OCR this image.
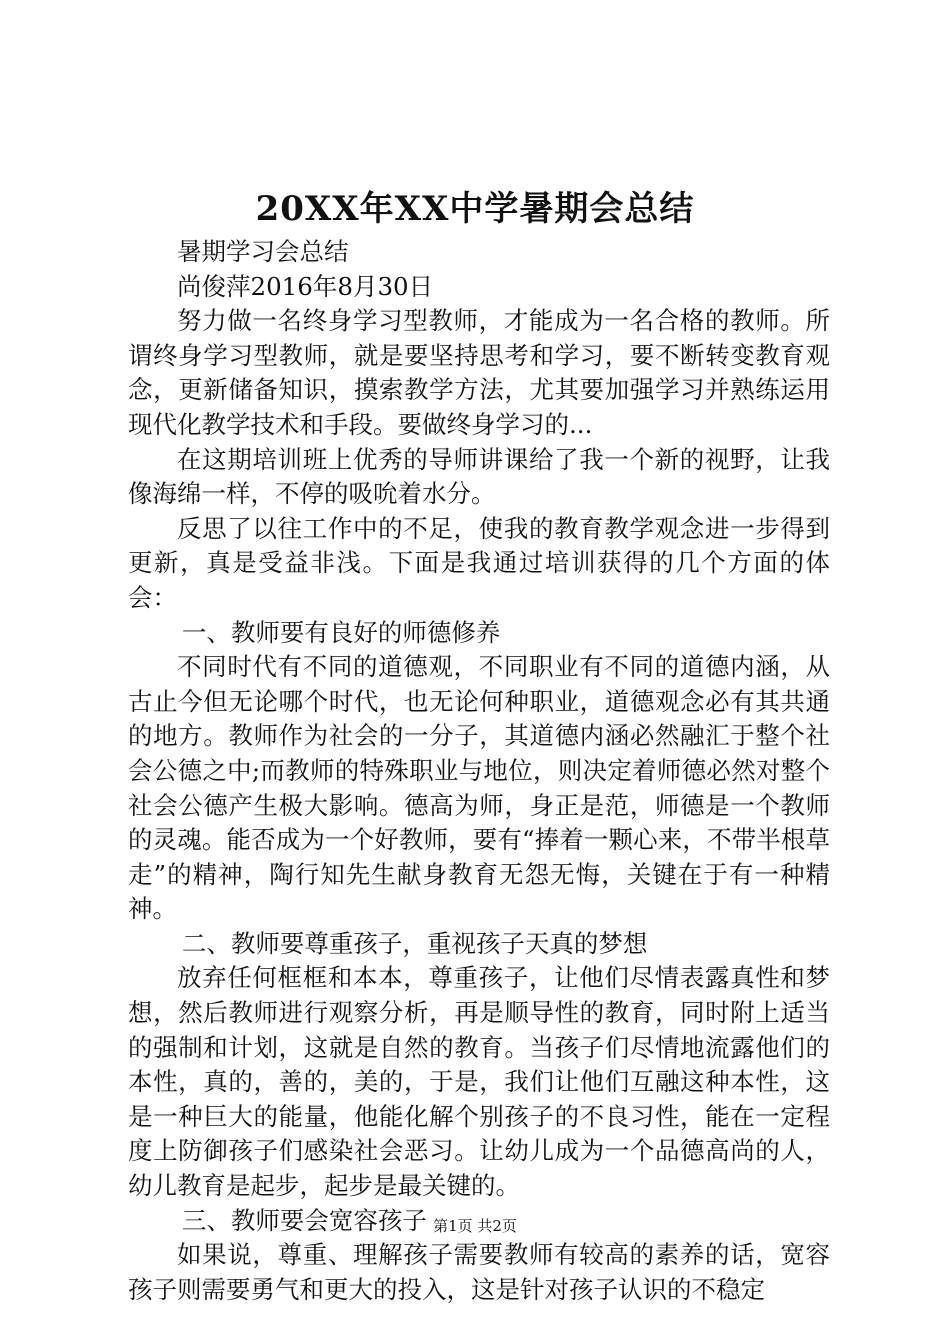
20XX年XX中学暑期会总结

暑期学习会总结

尚俊萍2016年8月30日

努力做一名终身学习型教师，才能成为一名合格的教师。所谓终身学习型教师，就是要坚持思考和学习，要不断转变教育观念，更新储备知识，摸索教学方法，尤其要加强学习并熟练运用现代化教学技术和手段。要做终身学习的...

在这期培训班上优秀的导师讲课给了我一个新的视野，让我像海绵一样，不停的吸吮着水分。

反思了以往工作中的不足，使我的教育教学观念进一步得到更新，真是受益非浅。下面是我通过培训获得的几个方面的体会：

一、教师要有良好的师德修养

不同时代有不同的道德观，不同职业有不同的道德内涵，从古止今但无论哪个时代，也无论何种职业，道德观念必有其共通的地方。教师作为社会的一分子，其道德内涵必然融汇于整个社会公德之中;而教师的特殊职业与地位，则决定着师德必然对整个社会公德产生极大影响。德高为师，身正是范，师德是一个教师的灵魂。能否成为一个好教师，要有“捧着一颗心来，不带半根草走”的精神，陶行知先生献身教育无怨无悔，关键在于有一种精神。

二、教师要尊重孩子，重视孩子天真的梦想

放弃任何框框和本本，尊重孩子，让他们尽情表露真性和梦想，然后教师进行观察分析，再是顺导性的教育，同时附上适当的强制和计划，这就是自然的教育。当孩子们尽情地流露他们的本性，真的，善的，美的，于是，我们让他们互融这种本性，这是一种巨大的能量，他能化解个别孩子的不良习性，能在一定程度上防御孩子们感染社会恶习。让幼儿成为一个品德高尚的人，幼儿教育是起步，起步是最关键的。

三、教师要会宽容孩子

如果说，尊重、理解孩子需要教师有较高的素养的话，宽容孩子则需要勇气和更大的投入，这是针对孩子认识的不稳定

第1页 共2页
